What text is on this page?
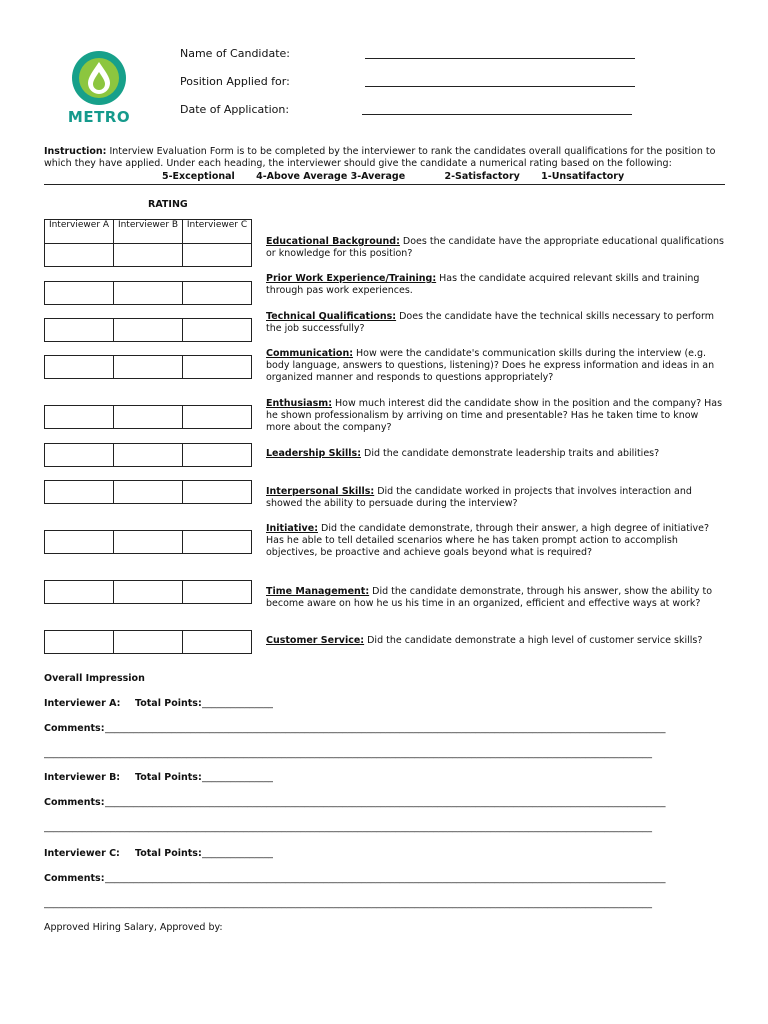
METRO
Name of Candidate:
Position Applied for:
Date of Application:
Instruction: Interview Evaluation Form is to be completed by the interviewer to rank the candidates overall qualifications for the position to which they have applied. Under each heading, the interviewer should give the candidate a numerical rating based on the following:
5-Exceptional 4-Above Average 3-Average	2-Satisfactory 1-Unsatifactory
RATING
Interviewer A	Interviewer B	Interviewer C

Educational Background: Does the candidate have the appropriate educational qualifications or knowledge for this position?

Prior Work Experience/Training: Has the candidate acquired relevant skills and training through pas work experiences.

Technical Qualifications: Does the candidate have the technical skills necessary to perform the job successfully?

Communication: How were the candidate's communication skills during the interview (e.g. body language, answers to questions, listening)? Does he express information and ideas in an organized manner and responds to questions appropriately?

Enthusiasm: How much interest did the candidate show in the position and the company? Has he shown professionalism by arriving on time and presentable? Has he taken time to know more about the company?

Leadership Skills: Did the candidate demonstrate leadership traits and abilities?

Interpersonal Skills: Did the candidate worked in projects that involves interaction and showed the ability to persuade during the interview?

Initiative: Did the candidate demonstrate, through their answer, a high degree of initiative? Has he able to tell detailed scenarios where he has taken prompt action to accomplish objectives, be proactive and achieve goals beyond what is required?

Time Management: Did the candidate demonstrate, through his answer, show the ability to become aware on how he us his time in an organized, efficient and effective ways at work?

Customer Service: Did the candidate demonstrate a high level of customer service skills?
Overall Impression
Interviewer A: Total Points: _______________
Comments: ______________________________________________________________________________________________________________________
________________________________________________________________________________________________________________________________
Interviewer B: Total Points: _______________
Comments: ______________________________________________________________________________________________________________________
________________________________________________________________________________________________________________________________
Interviewer C: Total Points: _______________
Comments: ______________________________________________________________________________________________________________________
________________________________________________________________________________________________________________________________
Approved Hiring Salary, Approved by:
